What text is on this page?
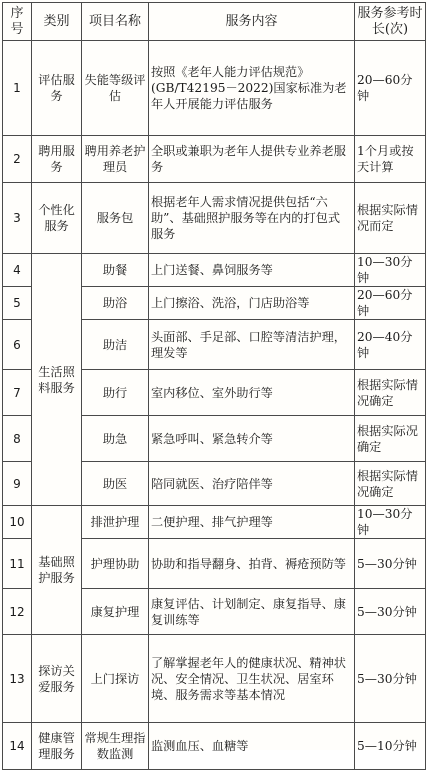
序号	类别	项目名称	服务内容	服务参考时长(次)
1	评估服务	失能等级评估	按照《老年人能力评估规范》(GB/T42195－2022)国家标准为老年人开展能力评估服务	20—60分钟
2	聘用服务	聘用养老护理员	全职或兼职为老年人提供专业养老服务	1个月或按天计算
3	个性化服务	服务包	根据老年人需求情况提供包括“六助”、基础照护服务等在内的打包式服务	根据实际情况而定
4	生活照料服务	助餐	上门送餐、鼻饲服务等	10—30分钟
5		助浴	上门擦浴、洗浴，门店助浴等	20—60分钟
6		助洁	头面部、手足部、口腔等清洁护理，理发等	20—40分钟
7		助行	室内移位、室外助行等	根据实际情况确定
8		助急	紧急呼叫、紧急转介等	根据实际况确定
9		助医	陪同就医、治疗陪伴等	根据实际情况确定
10	基础照护服务	排泄护理	二便护理、排气护理等	10—30分钟
11		护理协助	协助和指导翻身、拍背、褥疮预防等	5—30分钟
12		康复护理	康复评估、计划制定、康复指导、康复训练等	5—30分钟
13	探访关爱服务	上门探访	了解掌握老年人的健康状况、精神状况、安全情况、卫生状况、居室环境、服务需求等基本情况	5—30分钟
14	健康管理服务	常规生理指数监测	监测血压、血糖等	5—10分钟
